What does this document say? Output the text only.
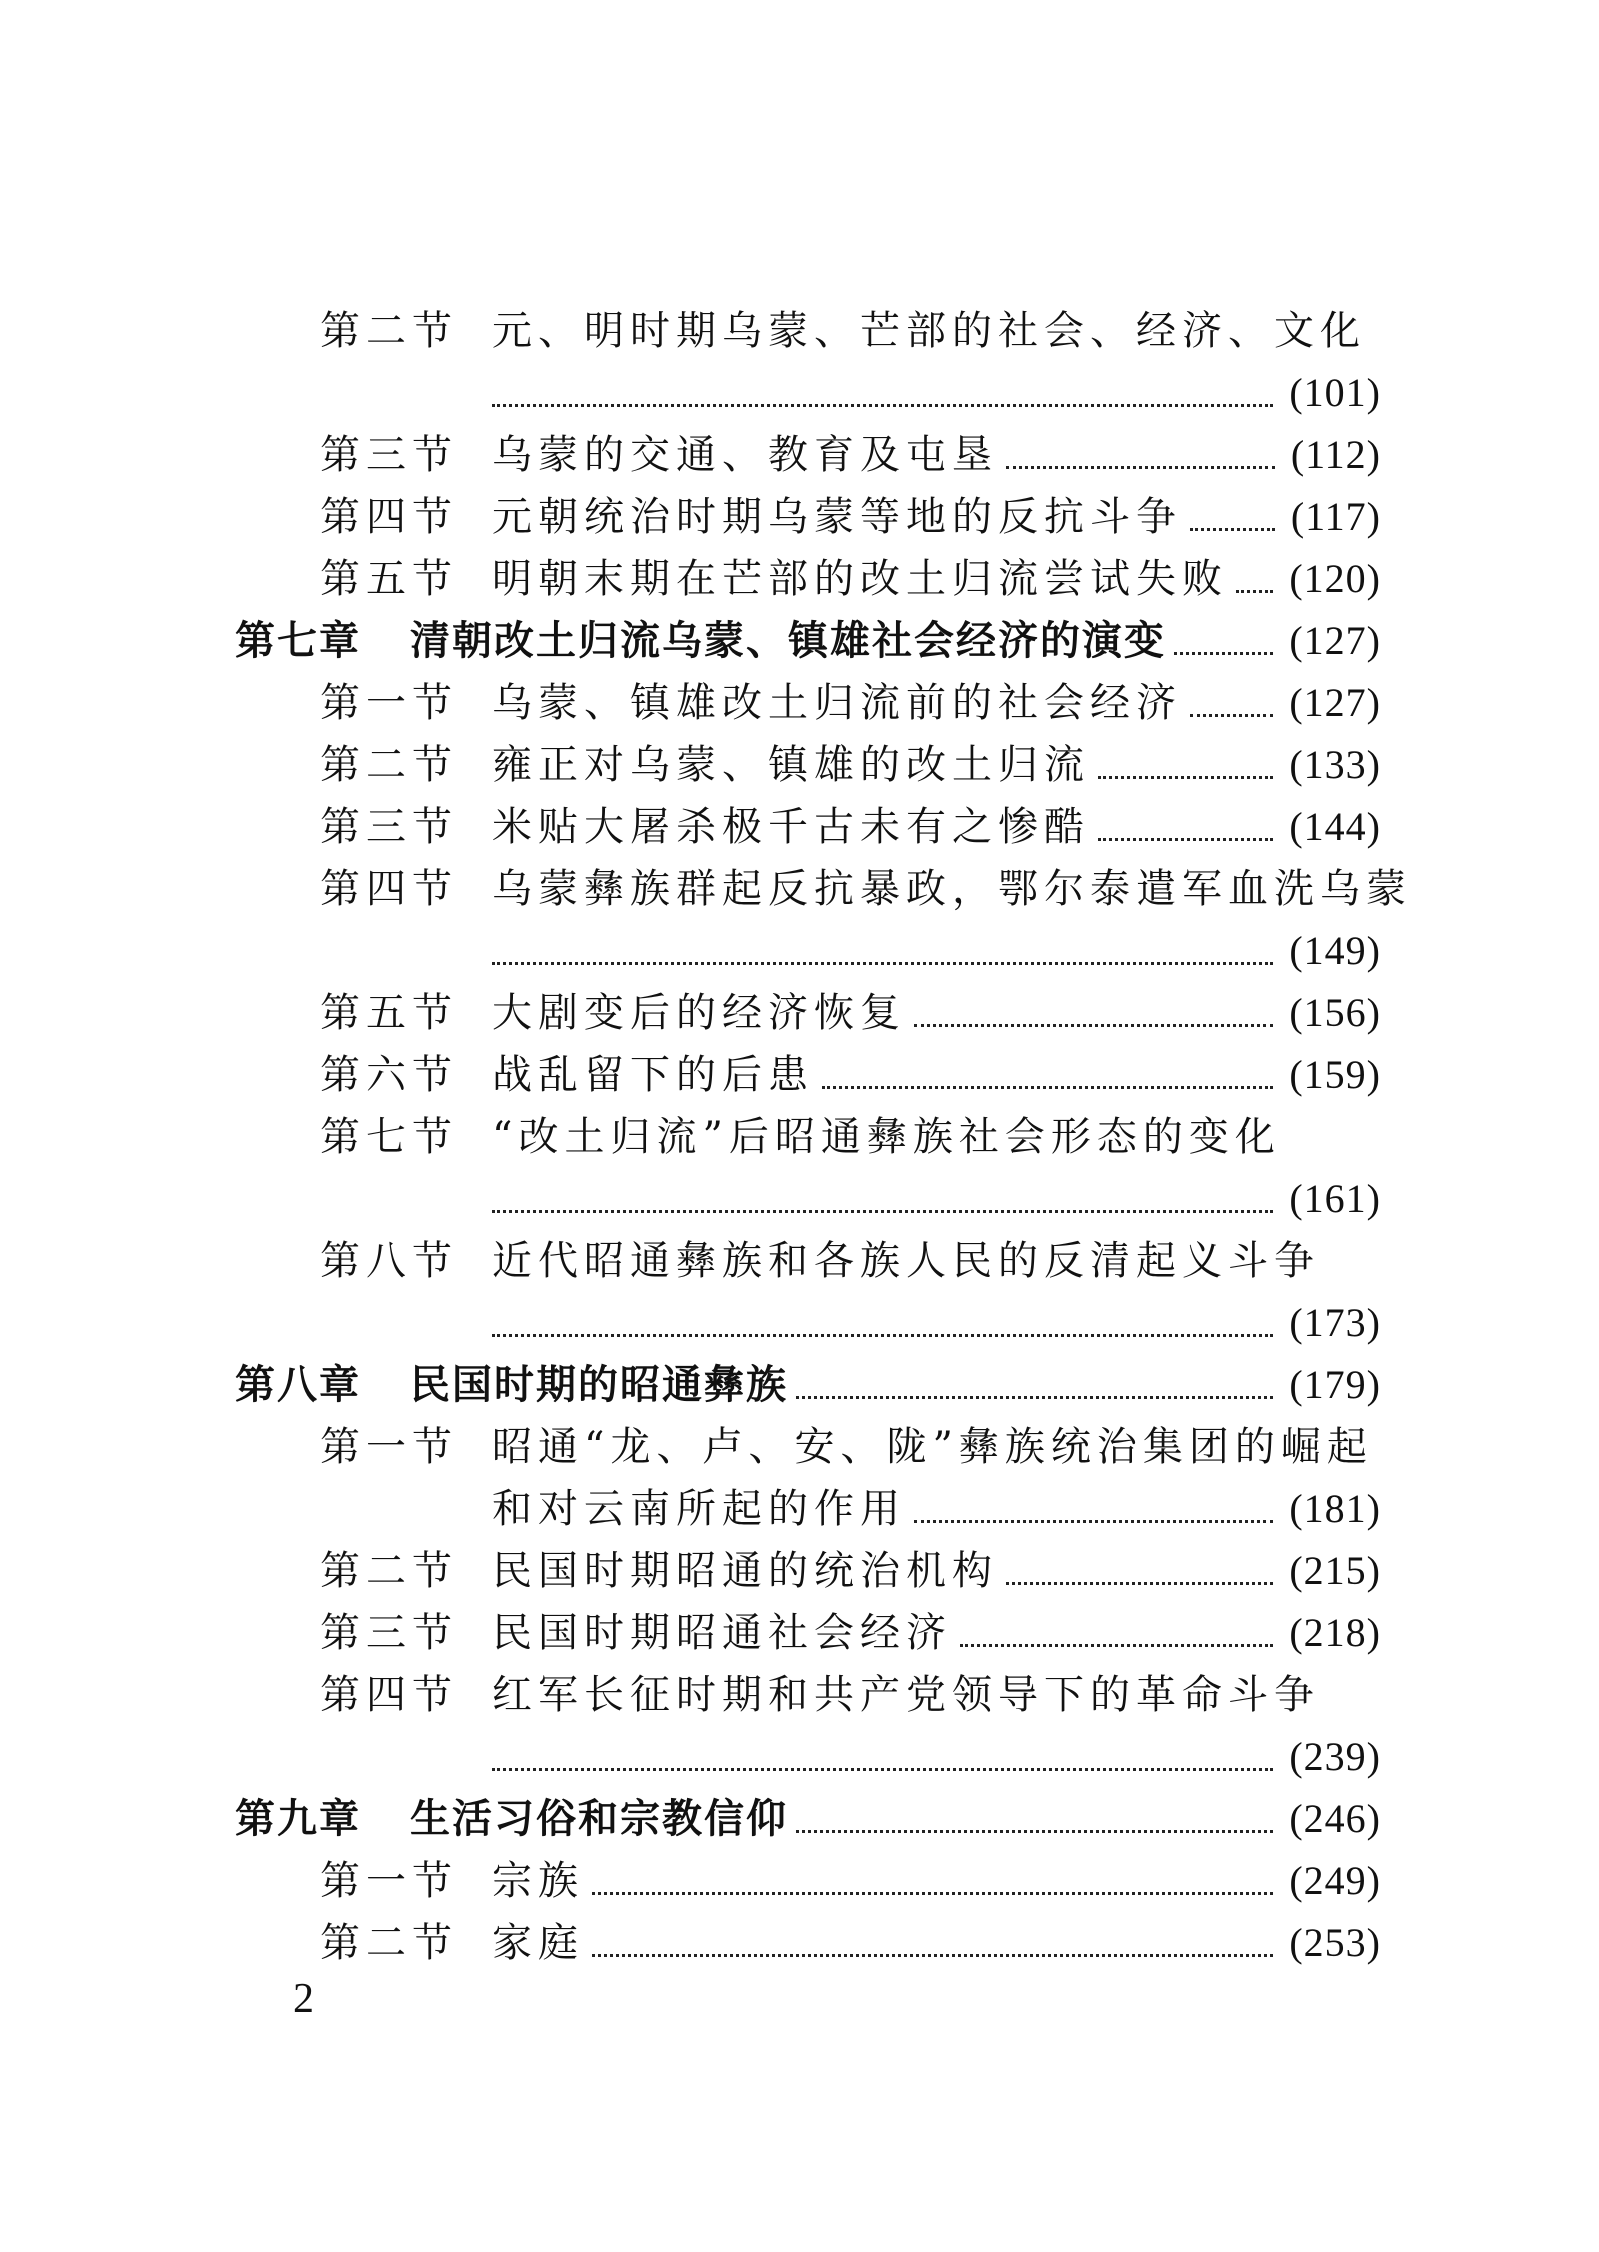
第二节 元、明时期乌蒙、芒部的社会、经济、文化
(101)
第三节 乌蒙的交通、教育及屯垦	(112)
第四节 元朝统治时期乌蒙等地的反抗斗争	(117)
第五节 明朝末期在芒部的改土归流尝试失败 (120)
第七章 清朝改土归流乌蒙、镇雄社会经济的演变	(127)
第一节 乌蒙、镇雄改土归流前的社会经济	(127)
第二节 雍正对乌蒙、镇雄的改土归流	(133)
第三节 米贴大屠杀极千古未有之惨酷	(144)
第四节 乌蒙彝族群起反抗暴政，鄂尔泰遣军血洗乌蒙
(149)
第五节 大剧变后的经济恢复	(156)
第六节 战乱留下的后患	(159)
第七节 “改土归流”后昭通彝族社会形态的变化
(161)
第八节 近代昭通彝族和各族人民的反清起义斗争
(173)
第八章 民国时期的昭通彝族	(179)
第一节 昭通“龙、卢、安、陇”彝族统治集团的崛起
和对云南所起的作用	(181)
第二节 民国时期昭通的统治机构	(215)
第三节 民国时期昭通社会经济	(218)
第四节 红军长征时期和共产党领导下的革命斗争
(239)
第九章 生活习俗和宗教信仰	(246)
第一节 宗族	(249)
第二节 家庭	(253)
2
